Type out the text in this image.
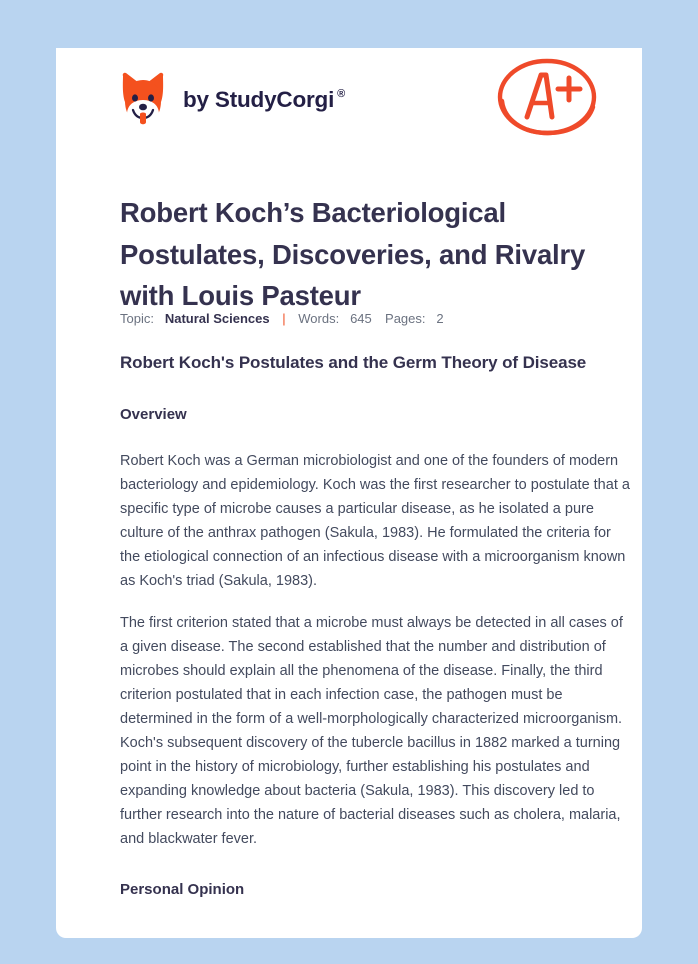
by StudyCorgi ®
Robert Koch’s Bacteriological Postulates, Discoveries, and Rivalry with Louis Pasteur
Topic: Natural Sciences | Words: 645 Pages: 2
Robert Koch's Postulates and the Germ Theory of Disease
Overview

Robert Koch was a German microbiologist and one of the founders of modern bacteriology and epidemiology. Koch was the first researcher to postulate that a specific type of microbe causes a particular disease, as he isolated a pure culture of the anthrax pathogen (Sakula, 1983). He formulated the criteria for the etiological connection of an infectious disease with a microorganism known as Koch's triad (Sakula, 1983).

The first criterion stated that a microbe must always be detected in all cases of a given disease. The second established that the number and distribution of microbes should explain all the phenomena of the disease. Finally, the third criterion postulated that in each infection case, the pathogen must be determined in the form of a well-morphologically characterized microorganism. Koch's subsequent discovery of the tubercle bacillus in 1882 marked a turning point in the history of microbiology, further establishing his postulates and expanding knowledge about bacteria (Sakula, 1983). This discovery led to further research into the nature of bacterial diseases such as cholera, malaria, and blackwater fever.

Personal Opinion
